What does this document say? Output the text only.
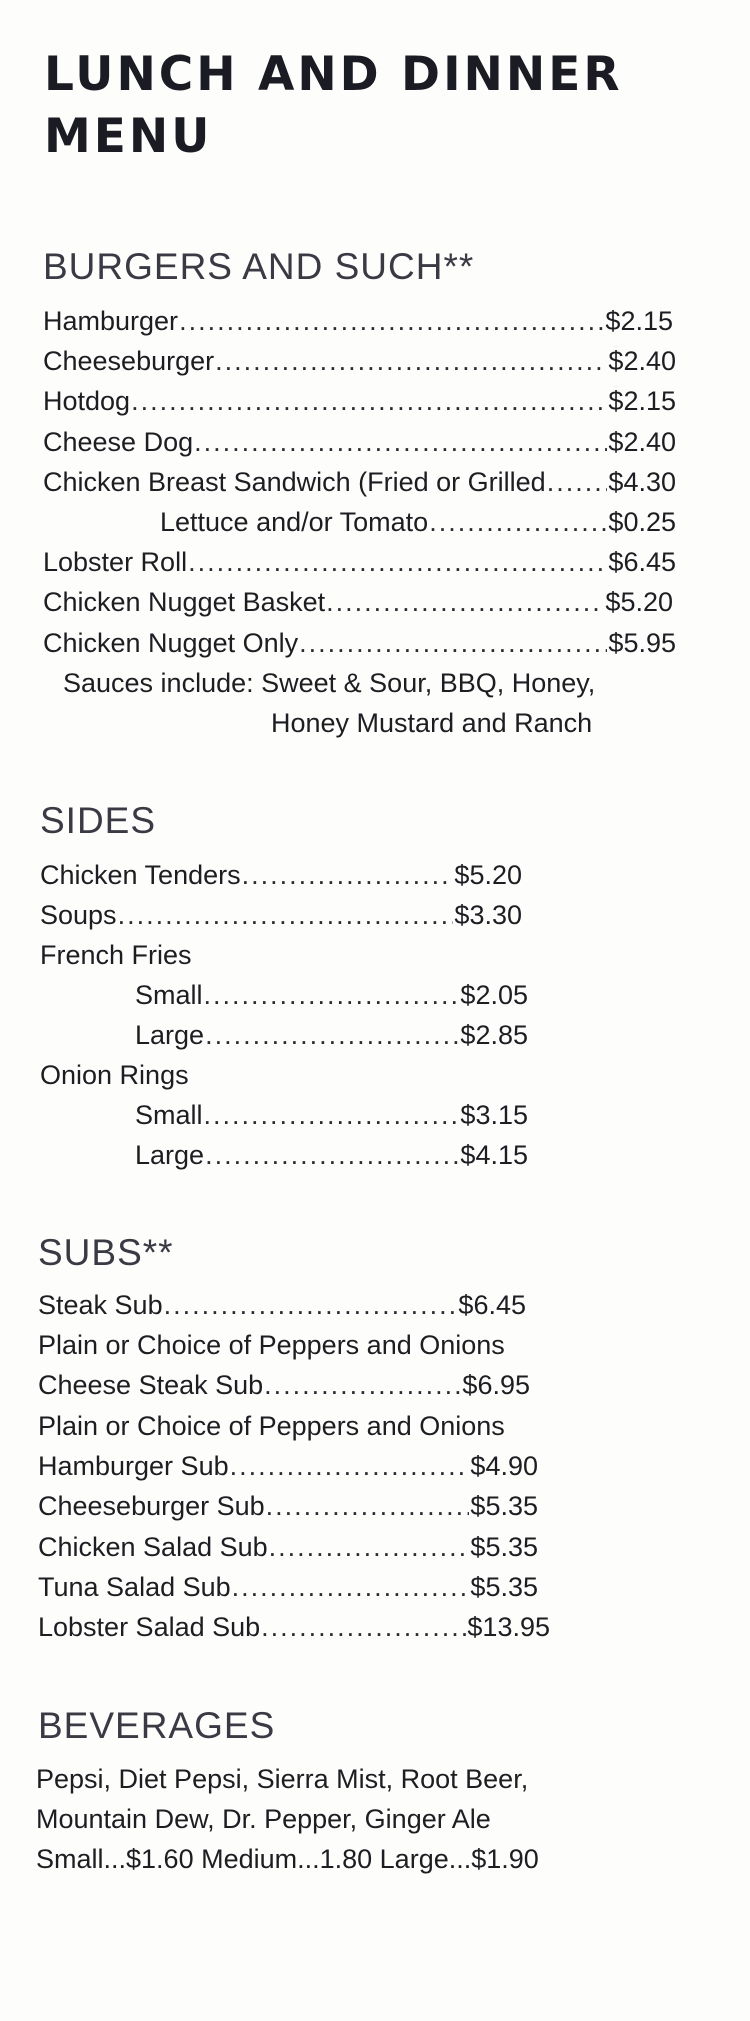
LUNCH AND DINNER
MENU
BURGERS AND SUCH**
Hamburger .....	$2.15
Cheeseburger .....	$2.40
Hotdog .....	$2.15
Cheese Dog .....	$2.40
Chicken Breast Sandwich (Fried or Grilled ..... $4.30
Lettuce and/or Tomato .....	$0.25
Lobster Roll .....	$6.45
Chicken Nugget Basket .....	$5.20
Chicken Nugget Only .....	$5.95
Sauces include: Sweet & Sour, BBQ, Honey,
Honey Mustard and Ranch
SIDES
Chicken Tenders .....	$5.20
Soups .....	$3.30
French Fries
Small .....	$2.05
Large .....	$2.85
Onion Rings
Small .....	$3.15
Large .....	$4.15
SUBS**
Steak Sub .....	$6.45
Plain or Choice of Peppers and Onions
Cheese Steak Sub .....	$6.95
Plain or Choice of Peppers and Onions
Hamburger Sub .....	$4.90
Cheeseburger Sub .....	$5.35
Chicken Salad Sub .....	$5.35
Tuna Salad Sub .....	$5.35
Lobster Salad Sub .....	$13.95
BEVERAGES
Pepsi, Diet Pepsi, Sierra Mist, Root Beer,
Mountain Dew, Dr. Pepper, Ginger Ale
Small...$1.60 Medium...1.80 Large...$1.90
